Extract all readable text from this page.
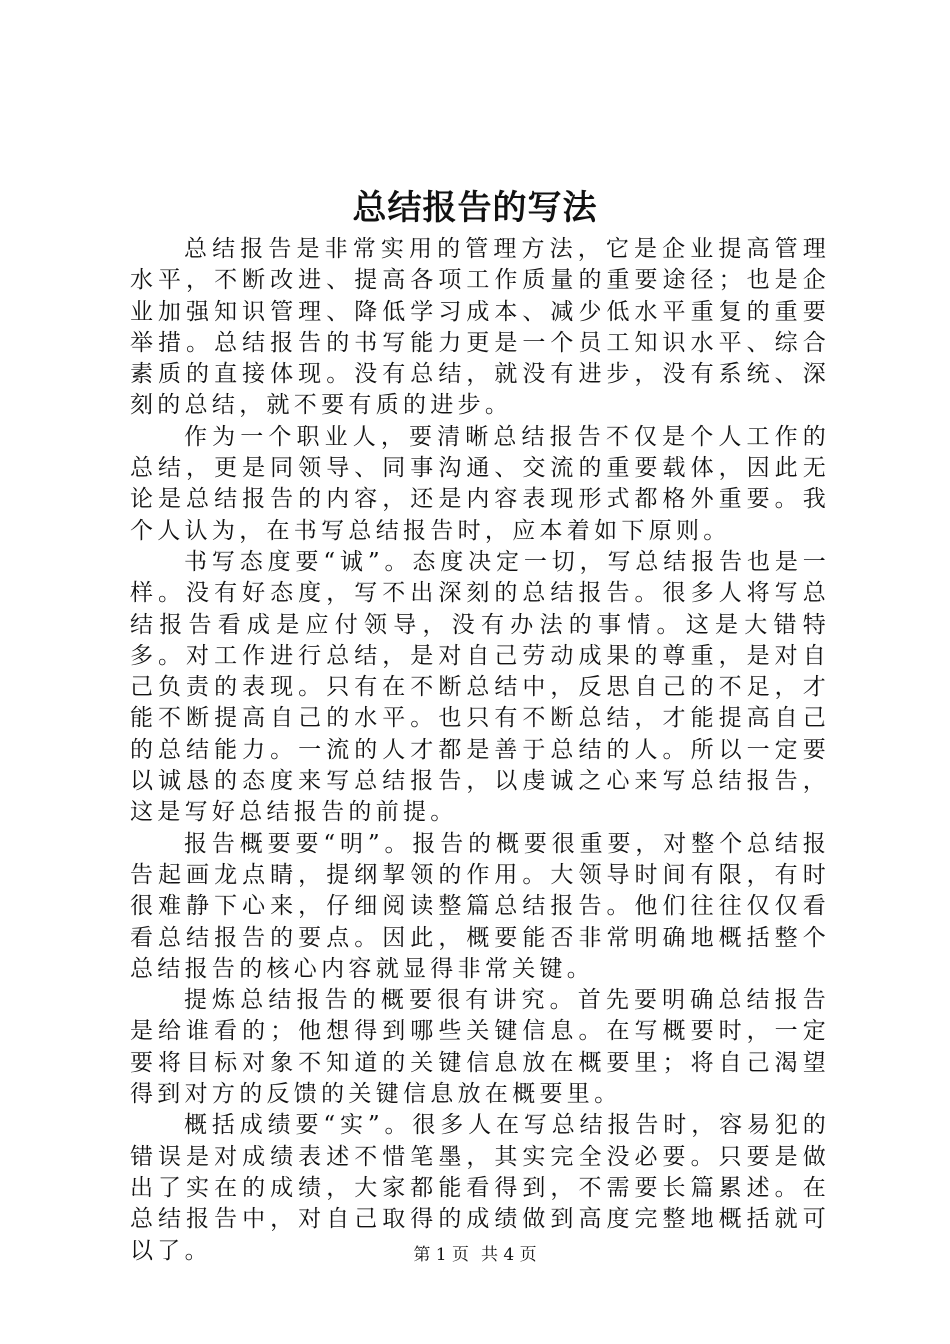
总结报告的写法

总结报告是非常实用的管理方法，它是企业提高管理水平，不断改进、提高各项工作质量的重要途径；也是企业加强知识管理、降低学习成本、减少低水平重复的重要举措。总结报告的书写能力更是一个员工知识水平、综合素质的直接体现。没有总结，就没有进步，没有系统、深刻的总结，就不要有质的进步。

作为一个职业人，要清晰总结报告不仅是个人工作的总结，更是同领导、同事沟通、交流的重要载体，因此无论是总结报告的内容，还是内容表现形式都格外重要。我个人认为，在书写总结报告时，应本着如下原则。

书写态度要“诚”。态度决定一切，写总结报告也是一样。没有好态度，写不出深刻的总结报告。很多人将写总结报告看成是应付领导，没有办法的事情。这是大错特多。对工作进行总结，是对自己劳动成果的尊重，是对自己负责的表现。只有在不断总结中，反思自己的不足，才能不断提高自己的水平。也只有不断总结，才能提高自己的总结能力。一流的人才都是善于总结的人。所以一定要以诚恳的态度来写总结报告，以虔诚之心来写总结报告，这是写好总结报告的前提。

报告概要要“明”。报告的概要很重要，对整个总结报告起画龙点睛，提纲挈领的作用。大领导时间有限，有时很难静下心来，仔细阅读整篇总结报告。他们往往仅仅看看总结报告的要点。因此，概要能否非常明确地概括整个总结报告的核心内容就显得非常关键。

提炼总结报告的概要很有讲究。首先要明确总结报告是给谁看的；他想得到哪些关键信息。在写概要时，一定要将目标对象不知道的关键信息放在概要里；将自己渴望得到对方的反馈的关键信息放在概要里。

概括成绩要“实”。很多人在写总结报告时，容易犯的错误是对成绩表述不惜笔墨，其实完全没必要。只要是做出了实在的成绩，大家都能看得到，不需要长篇累述。在总结报告中，对自己取得的成绩做到高度完整地概括就可以了。	第 1 页 共 4 页
